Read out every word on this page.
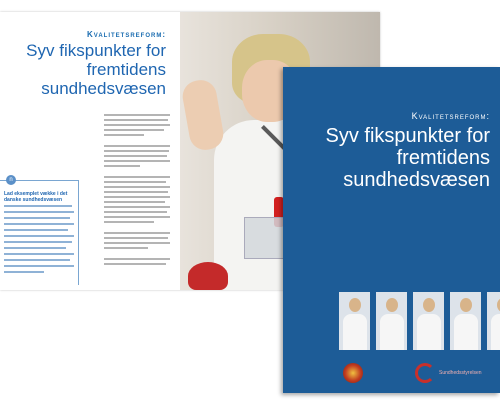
Kvalitetsreform:
Syv fikspunkter for fremtidens sundhedsvæsen
n
Lad eksemplet vække i det danske sundhedsvæsen
Kvalitetsreform:
Syv fikspunkter for fremtidens sundhedsvæsen
Sundhedsstyrelsen
